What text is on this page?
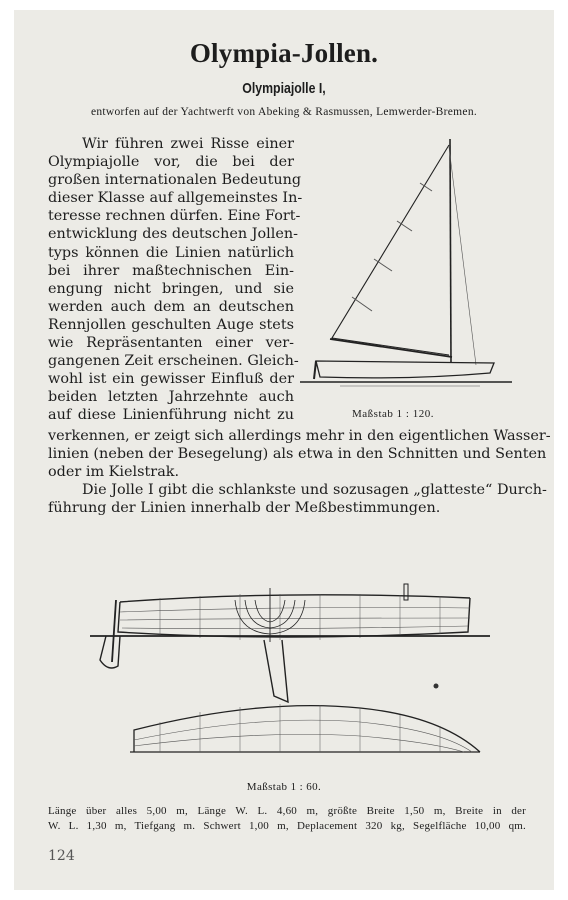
Olympia-Jollen.
Olympiajolle I,
entworfen auf der Yachtwerft von Abeking & Rasmussen, Lemwerder-Bremen.
Wir führen zwei Risse einer
Olympiajolle vor, die bei der
großen internationalen Bedeutung
dieser Klasse auf allgemeinstes In-
teresse rechnen dürfen. Eine Fort-
entwicklung des deutschen Jollen-
typs können die Linien natürlich
bei ihrer maßtechnischen Ein-
engung nicht bringen, und sie
werden auch dem an deutschen
Rennjollen geschulten Auge stets
wie Repräsentanten einer ver-
gangenen Zeit erscheinen. Gleich-
wohl ist ein gewisser Einfluß der
beiden letzten Jahrzehnte auch
auf diese Linienführung nicht zu	Maßstab 1 : 120.
verkennen, er zeigt sich allerdings mehr in den eigentlichen Wasser-
linien (neben der Besegelung) als etwa in den Schnitten und Senten
oder im Kielstrak.
Die Jolle I gibt die schlankste und sozusagen „glatteste“ Durch-
führung der Linien innerhalb der Meßbestimmungen.
Maßstab 1 : 60.
Länge über alles 5,00 m, Länge W. L. 4,60 m, größte Breite 1,50 m, Breite in der
W. L. 1,30 m, Tiefgang m. Schwert 1,00 m, Deplacement 320 kg, Segelfläche 10,00 qm.
124
